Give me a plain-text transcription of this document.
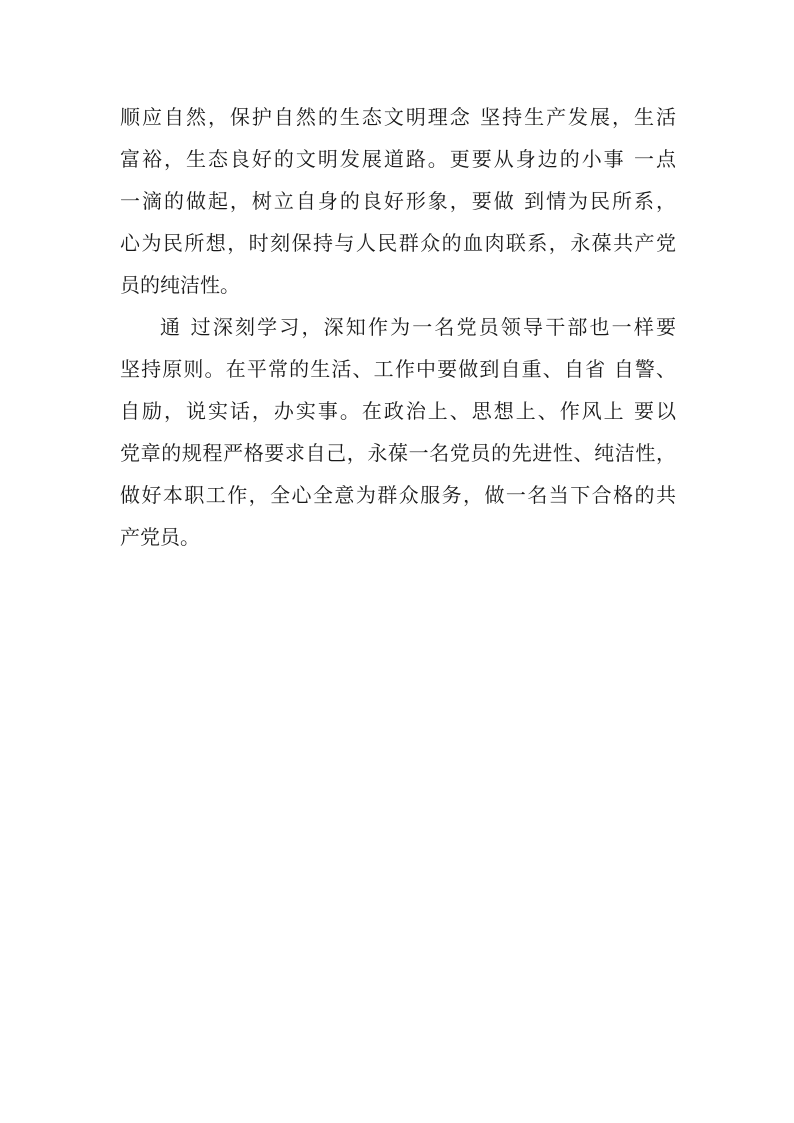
顺应自然，保护自然的生态文明理念 坚持生产发展，生活
富裕，生态良好的文明发展道路。更要从身边的小事 一点
一滴的做起，树立自身的良好形象，要做 到情为民所系，
心为民所想，时刻保持与人民群众的血肉联系，永葆共产党
员的纯洁性。
通 过深刻学习，深知作为一名党员领导干部也一样要
坚持原则。在平常的生活、工作中要做到自重、自省 自警、
自励，说实话，办实事。在政治上、思想上、作风上 要以
党章的规程严格要求自己，永葆一名党员的先进性、纯洁性，
做好本职工作，全心全意为群众服务，做一名当下合格的共
产党员。
